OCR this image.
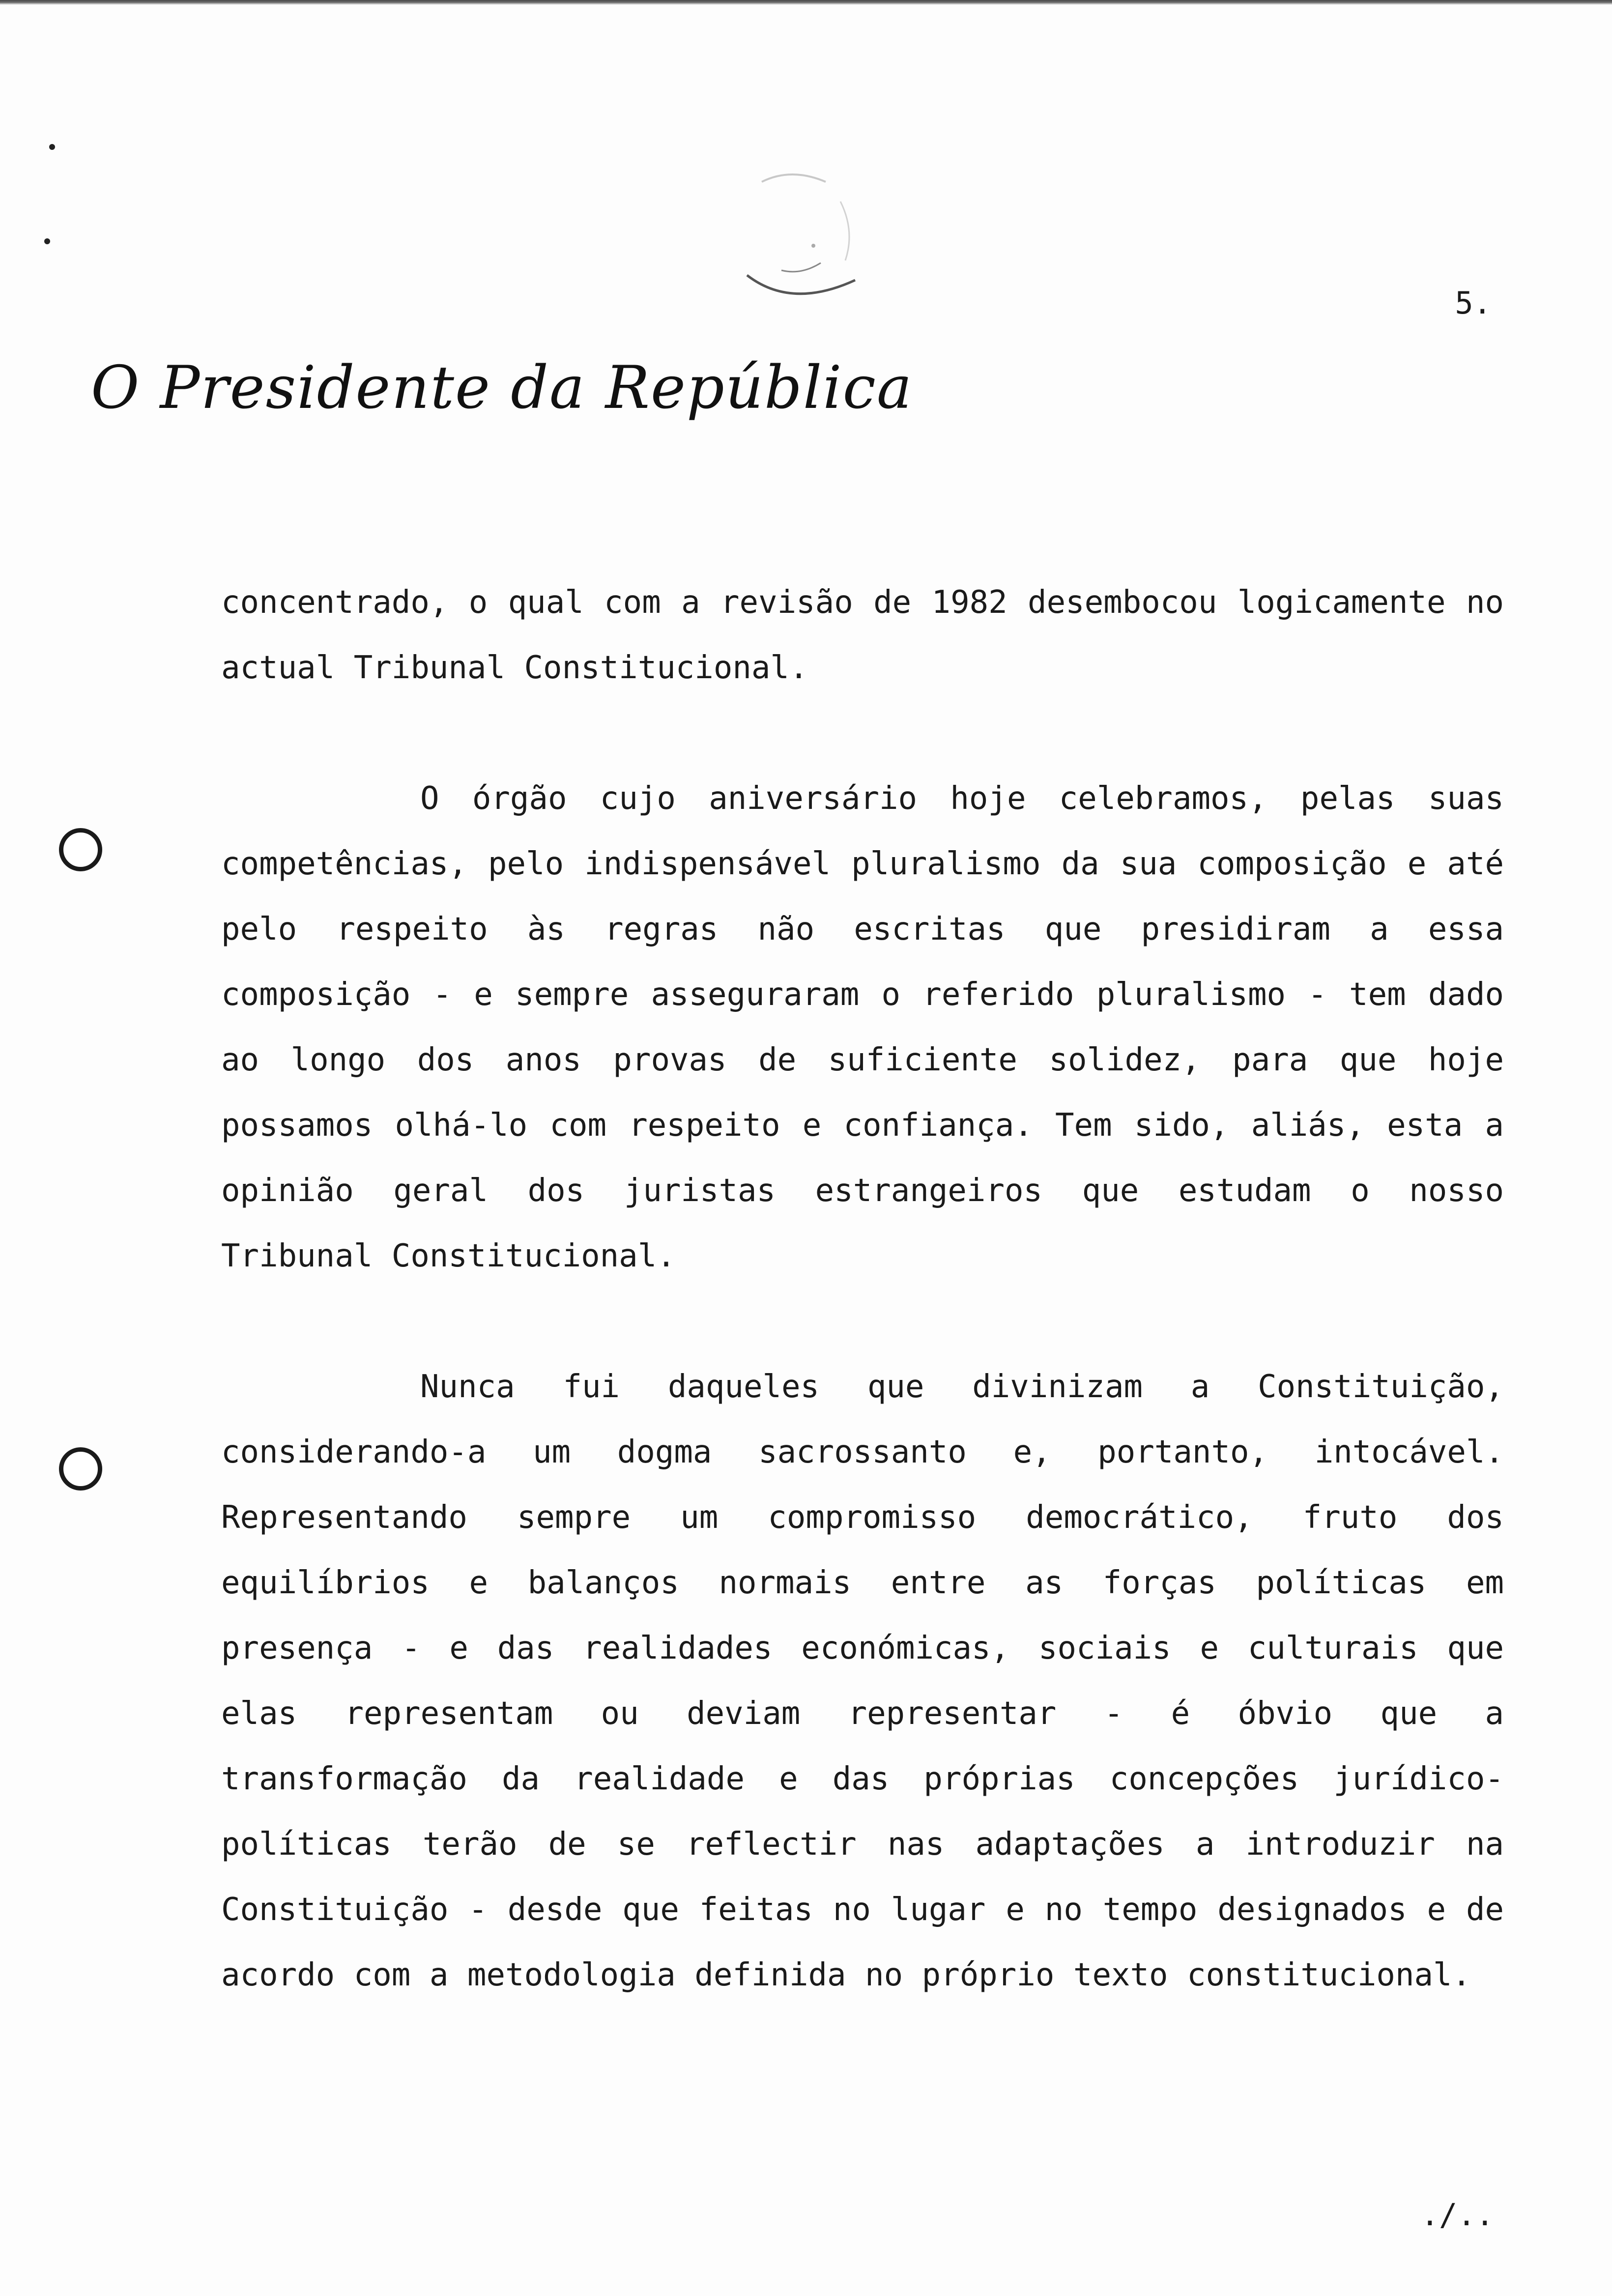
5.
O Presidente da República

concentrado, o qual com a revisão de 1982 desembocou logicamente no actual Tribunal Constitucional.

O órgão cujo aniversário hoje celebramos, pelas suas competências, pelo indispensável pluralismo da sua composição e até pelo respeito às regras não escritas que presidiram a essa composição - e sempre asseguraram o referido pluralismo - tem dado ao longo dos anos provas de suficiente solidez, para que hoje possamos olhá-lo com respeito e confiança. Tem sido, aliás, esta a opinião geral dos juristas estrangeiros que estudam o nosso Tribunal Constitucional.

Nunca fui daqueles que divinizam a Constituição, considerando-a um dogma sacrossanto e, portanto, intocável. Representando sempre um compromisso democrático, fruto dos equilíbrios e balanços normais entre as forças políticas em presença - e das realidades económicas, sociais e culturais que elas representam ou deviam representar - é óbvio que a transformação da realidade e das próprias concepções jurídico-políticas terão de se reflectir nas adaptações a introduzir na Constituição - desde que feitas no lugar e no tempo designados e de acordo com a metodologia definida no próprio texto constitucional.

./..
